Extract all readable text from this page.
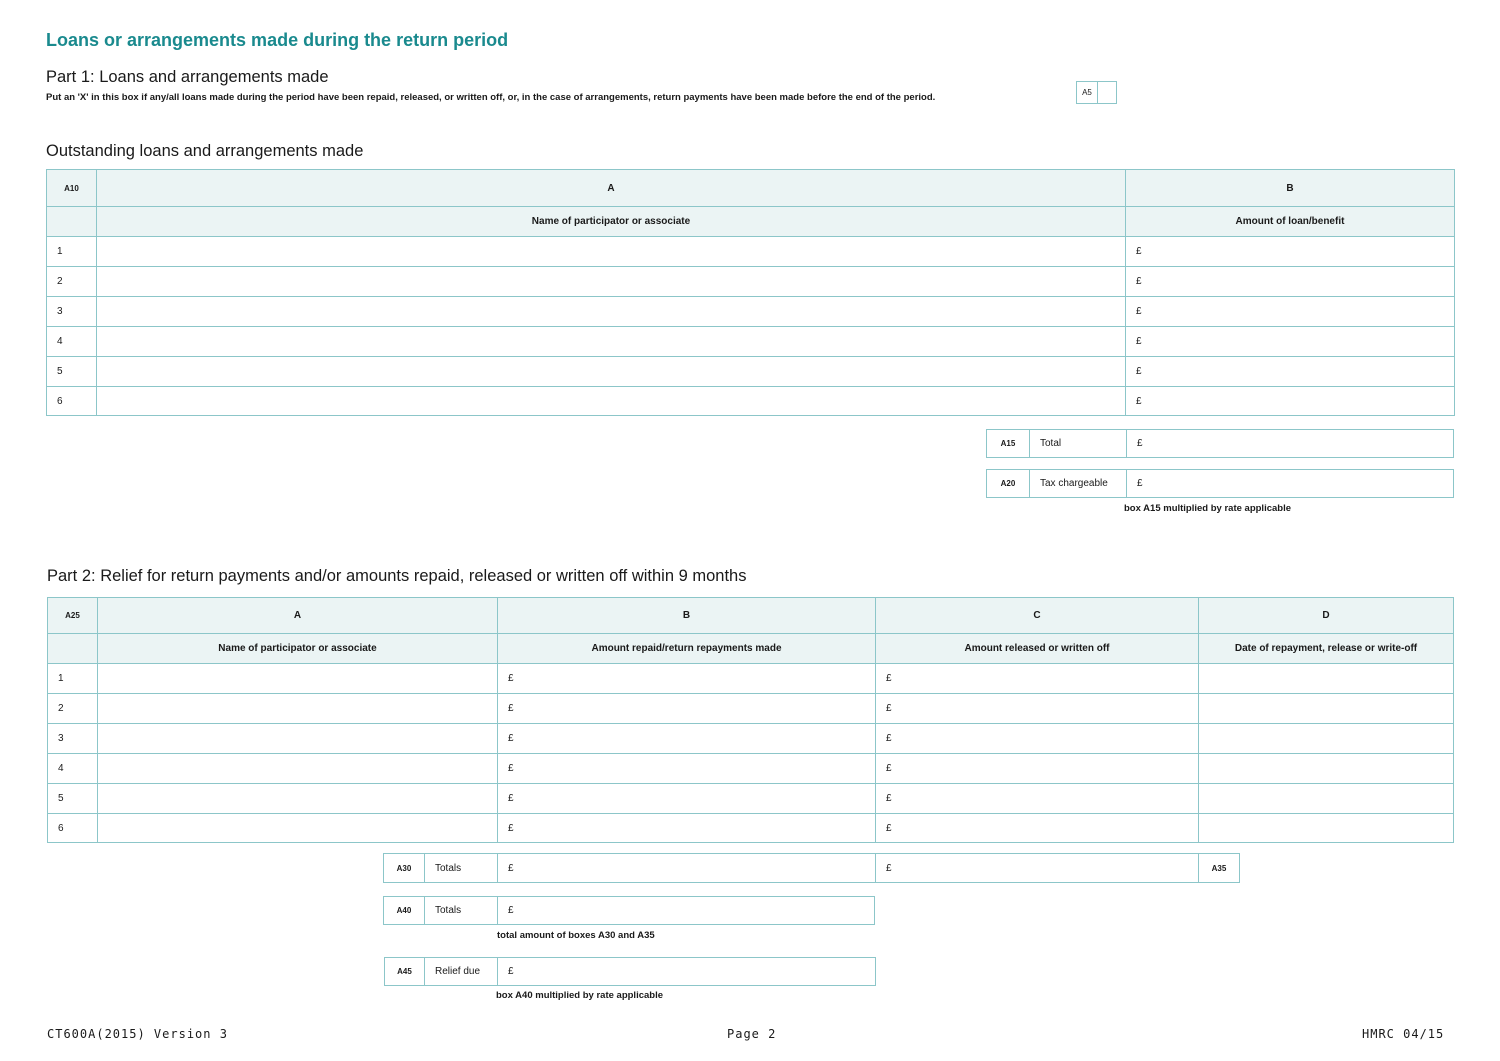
Loans or arrangements made during the return period
Part 1: Loans and arrangements made
Put an 'X' in this box if any/all loans made during the period have been repaid, released, or written off, or, in the case of arrangements, return payments have been made before the end of the period.	A5
Outstanding loans and arrangements made
A10	A	B
	Name of participator or associate	Amount of loan/benefit
1		£
2		£
3		£
4		£
5		£
6		£
A15	Total	£
A20	Tax chargeable	£
box A15 multiplied by rate applicable
Part 2: Relief for return payments and/or amounts repaid, released or written off within 9 months
A25	A	B	C	D
	Name of participator or associate	Amount repaid/return repayments made	Amount released or written off	Date of repayment, release or write-off
1		£	£	
2		£	£	
3		£	£	
4		£	£	
5		£	£	
6		£	£	
A30	Totals	£	£	A35
A40	Totals	£
total amount of boxes A30 and A35
A45	Relief due	£
box A40 multiplied by rate applicable
CT600A(2015) Version 3	Page 2	HMRC 04/15
